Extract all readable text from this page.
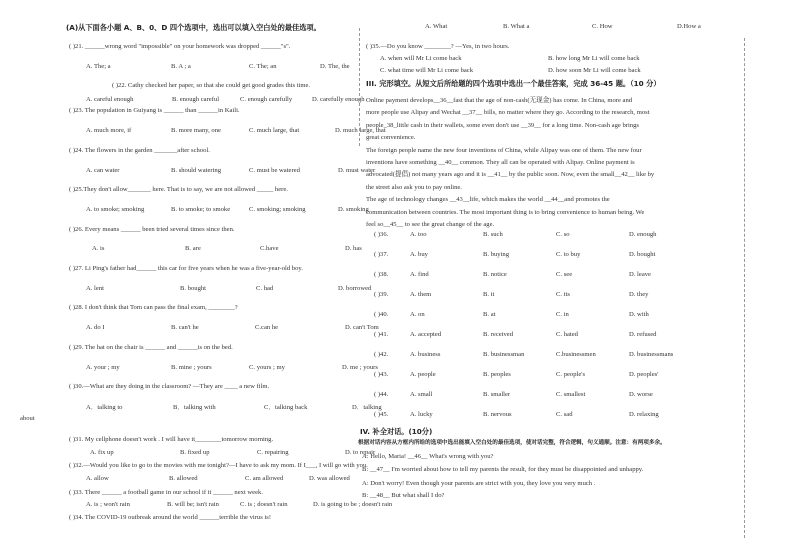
(A)从下面各小题 A、B、0、D 四个选项中，选出可以填入空白处的最佳选项。	A. What	B. What a	C. How	D.How a
( )21. ______wrong word "impossible" on your homework was dropped ______"s".
A. The; a	B. A ; a	C. The; an	D. The, the
( )22. Cathy checked her paper, so that she could get good grades this time.
A. careful enough	B. enough careful	C. enough carefully	D. carefully enough
( )23. The population in Guiyang is ______ than ______in Kaili.
A. much more, if	B. more many, one	C. much large, that	D. much large, that
( )24. The flowers in the garden _______after school.
A. can water	B. should watering	C. must be watered	D. must water
( )25.They don't allow_______ here. That is to say, we are not allowed _____ here.
A. to smoke; smoking	B. to smoke; to smoke	C. smoking; smoking	D. smoking
( )26. Every means ______ been tried several times since then.
A. is	B. are	C.have	D. has
( )27. Li Ping's father had______ this car for five years when he was a five-year-old boy.
A. lent	B. bought	C. had	D. borrowed
( )28. I don't think that Tom can pass the final exam, ________?
A. do I	B. can't he	C.can he	D. can't Tom
( )29. The hat on the chair is ______ and ______is on the bed.
A. your ; my	B. mine ; yours	C. yours ; my	D. me ; yours
( )30.—What are they doing in the classroom? —They are ____ a new film.
A．talking to	B．talking with	C．talking back	D．talking
about
( )31. My cellphone doesn't work . I will have it________tomorrow morning.
A. fix up	B. fixed up	C. repairing	D. to repair
( )32.—Would you like to go to the movies with me tonight?—I have to ask my mom. If I___, I will go with you.
A. allow	B. allowed	C. am allowed	D. was allowed
( )33. There ______ a football game in our school if it ______ next week.
A. is ; won't rain	B. will be; isn't rain	C. is ; doesn't rain	D. is going to be ; doesn't rain
( )34. The COVID-19 outbreak around the world ______terrible the virus is!
( )35.—Do you know ________? —Yes, in two hours.
A. when will Mr Li come back	B. how long Mr Li will come back
C. what time will Mr Li come back	D. how soon Mr Li will come back
III. 完形填空。从短文后所给题的四个选项中选出一个最佳答案，完成 36-45 题。（10 分）
Online payment develops__36__fast that the age of non-cash(无现金) has come. In China, more and
more people use Alipay and Wechat __37__ bills, no matter where they go. According to the research, most
people_38_little cash in their wallets, some even don't use __39__ for a long time. Non-cash age brings
great convenience.
The foreign people name the new four inventions of China, while Alipay was one of them. The new four
inventions have something __40__ common. They all can be operated with Alipay. Online payment is
advocated(提倡) not many years ago and it is __41__ by the public soon. Now, even the small__42__ like by
the street also ask you to pay online.
The age of technology changes __43__life, which makes the world __44__and promotes the
communication between countries. The most important thing is to bring convenience to human being. We
feel so__45__ to see the great change of the age.
( )36.	A. too	B. such	C. so	D. enough
( )37.	A. buy	B. buying	C. to buy	D. bought
( )38.	A. find	B. notice	C. see	D. leave
( )39.	A. them	B. it	C. its	D. they
( )40.	A. on	B. at	C. in	D. with
( )41.	A. accepted	B. received	C. hated	D. refused
( )42.	A. business	B. businessman	C.businessmen	D. businessmans
( )43.	A. people	B. peoples	C. people's	D. peoples'
( )44.	A. small	B. smaller	C. smallest	D. worse
( )45.	A. lucky	B. nervous	C. sad	D. relaxing
IV. 补全对话。(10分)
根据对话内容从方框内所给的选项中选出能填入空白处的最佳选项，使对话完整，符合逻辑，句义通顺。注意：有两项多余。
A: Hello, Maria! __46__ What's wrong with you?
B: __47__ I'm worried about how to tell my parents the result, for they must be disappointed and unhappy.
A: Don't worry! Even though your parents are strict with you, they love you very much .
B: __48__ But what shall I do?
